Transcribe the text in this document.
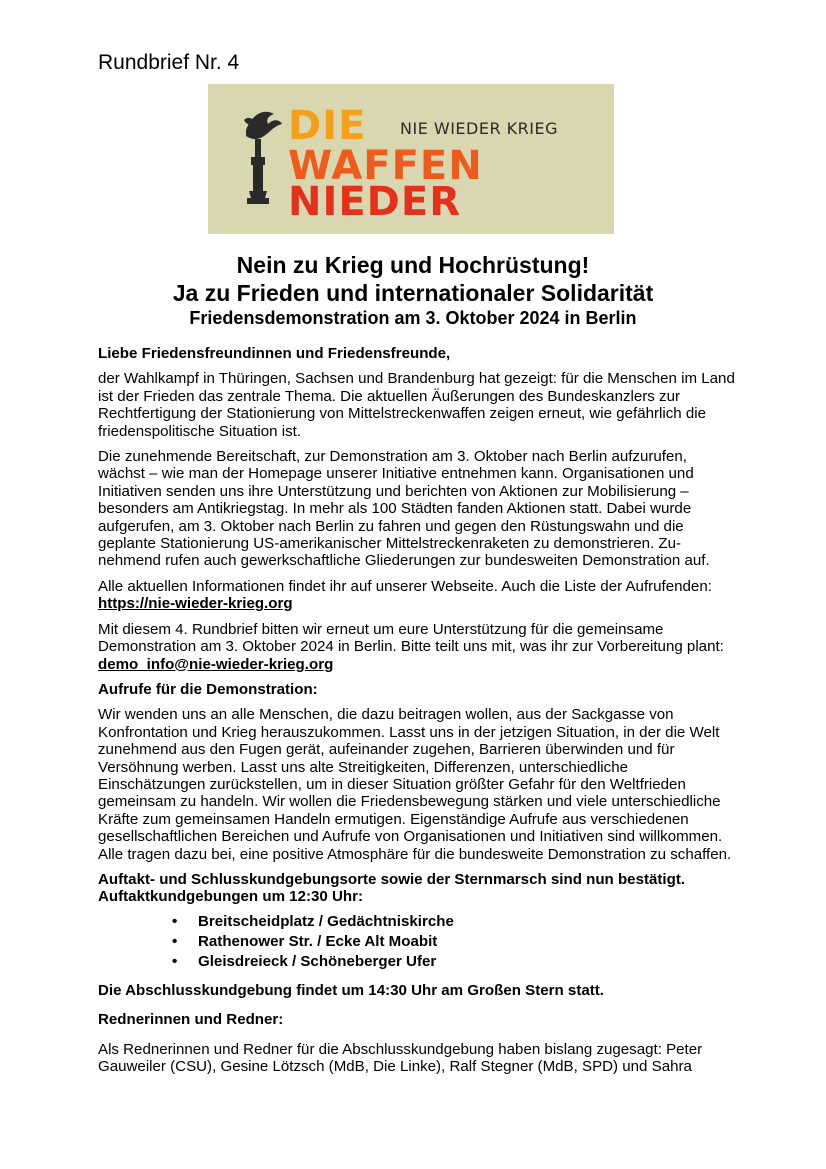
Rundbrief Nr. 4
NIE WIEDER KRIEG
DIE
WAFFEN
NIEDER
Nein zu Krieg und Hochrüstung!
Ja zu Frieden und internationaler Solidarität
Friedensdemonstration am 3. Oktober 2024 in Berlin

Liebe Friedensfreundinnen und Friedensfreunde,

der Wahlkampf in Thüringen, Sachsen und Brandenburg hat gezeigt: für die Menschen im Land ist der Frieden das zentrale Thema. Die aktuellen Äußerungen des Bundeskanzlers zur Rechtfertigung der Stationierung von Mittelstreckenwaffen zeigen erneut, wie gefährlich die friedenspolitische Situation ist.

Die zunehmende Bereitschaft, zur Demonstration am 3. Oktober nach Berlin aufzurufen, wächst – wie man der Homepage unserer Initiative entnehmen kann. Organisationen und Initiativen senden uns ihre Unterstützung und berichten von Aktionen zur Mobilisierung – besonders am Antikriegstag. In mehr als 100 Städten fanden Aktionen statt. Dabei wurde aufgerufen, am 3. Oktober nach Berlin zu fahren und gegen den Rüstungswahn und die geplante Stationierung US-amerikanischer Mittelstreckenraketen zu demonstrieren. Zu-nehmend rufen auch gewerkschaftliche Gliederungen zur bundesweiten Demonstration auf.

Alle aktuellen Informationen findet ihr auf unserer Webseite. Auch die Liste der Aufrufenden:
https://nie-wieder-krieg.org

Mit diesem 4. Rundbrief bitten wir erneut um eure Unterstützung für die gemeinsame Demonstration am 3. Oktober 2024 in Berlin. Bitte teilt uns mit, was ihr zur Vorbereitung plant: demo_info@nie-wieder-krieg.org

Aufrufe für die Demonstration:

Wir wenden uns an alle Menschen, die dazu beitragen wollen, aus der Sackgasse von Konfrontation und Krieg herauszukommen. Lasst uns in der jetzigen Situation, in der die Welt zunehmend aus den Fugen gerät, aufeinander zugehen, Barrieren überwinden und für Versöhnung werben. Lasst uns alte Streitigkeiten, Differenzen, unterschiedliche Einschätzungen zurückstellen, um in dieser Situation größter Gefahr für den Weltfrieden gemeinsam zu handeln. Wir wollen die Friedensbewegung stärken und viele unterschiedliche Kräfte zum gemeinsamen Handeln ermutigen. Eigenständige Aufrufe aus verschiedenen gesellschaftlichen Bereichen und Aufrufe von Organisationen und Initiativen sind willkommen. Alle tragen dazu bei, eine positive Atmosphäre für die bundesweite Demonstration zu schaffen.

Auftakt- und Schlusskundgebungsorte sowie der Sternmarsch sind nun bestätigt.
Auftaktkundgebungen um 12:30 Uhr:

• Breitscheidplatz / Gedächtniskirche
• Rathenower Str. / Ecke Alt Moabit
• Gleisdreieck / Schöneberger Ufer

Die Abschlusskundgebung findet um 14:30 Uhr am Großen Stern statt.

Rednerinnen und Redner:

Als Rednerinnen und Redner für die Abschlusskundgebung haben bislang zugesagt: Peter Gauweiler (CSU), Gesine Lötzsch (MdB, Die Linke), Ralf Stegner (MdB, SPD) und Sahra
